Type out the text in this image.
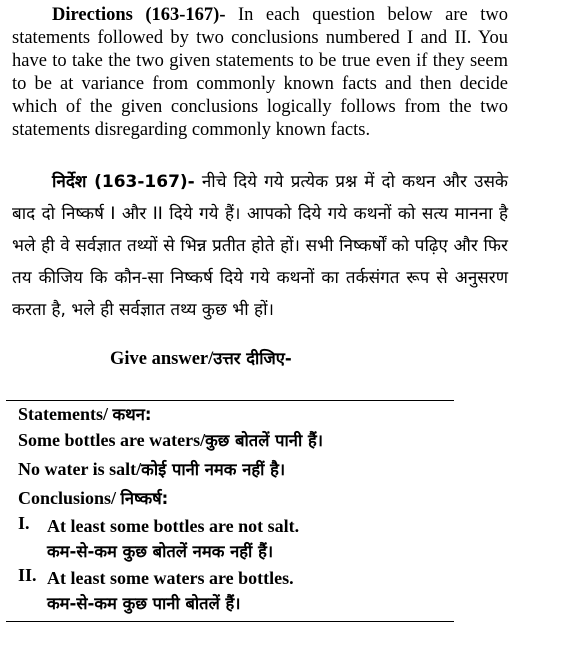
Directions (163-167)- In each question below are two statements followed by two conclusions numbered I and II. You have to take the two given statements to be true even if they seem to be at variance from commonly known facts and then decide which of the given conclusions logically follows from the two statements disregarding commonly known facts.

निर्देश (163-167)- नीचे दिये गये प्रत्येक प्रश्न में दो कथन और उसके बाद दो निष्कर्ष I और II दिये गये हैं। आपको दिये गये कथनों को सत्य मानना है भले ही वे सर्वज्ञात तथ्यों से भिन्न प्रतीत होते हों। सभी निष्कर्षों को पढ़िए और फिर तय कीजिय कि कौन-सा निष्कर्ष दिये गये कथनों का तर्कसंगत रूप से अनुसरण करता है, भले ही सर्वज्ञात तथ्य कुछ भी हों।

Give answer/उत्तर दीजिए-
Statements/ कथन:
Some bottles are waters/कुछ बोतलें पानी हैं।
No water is salt/कोई पानी नमक नहीं है।
Conclusions/ निष्कर्ष:
I. At least some bottles are not salt.
कम-से-कम कुछ बोतलें नमक नहीं हैं।
II. At least some waters are bottles.
कम-से-कम कुछ पानी बोतलें हैं।
